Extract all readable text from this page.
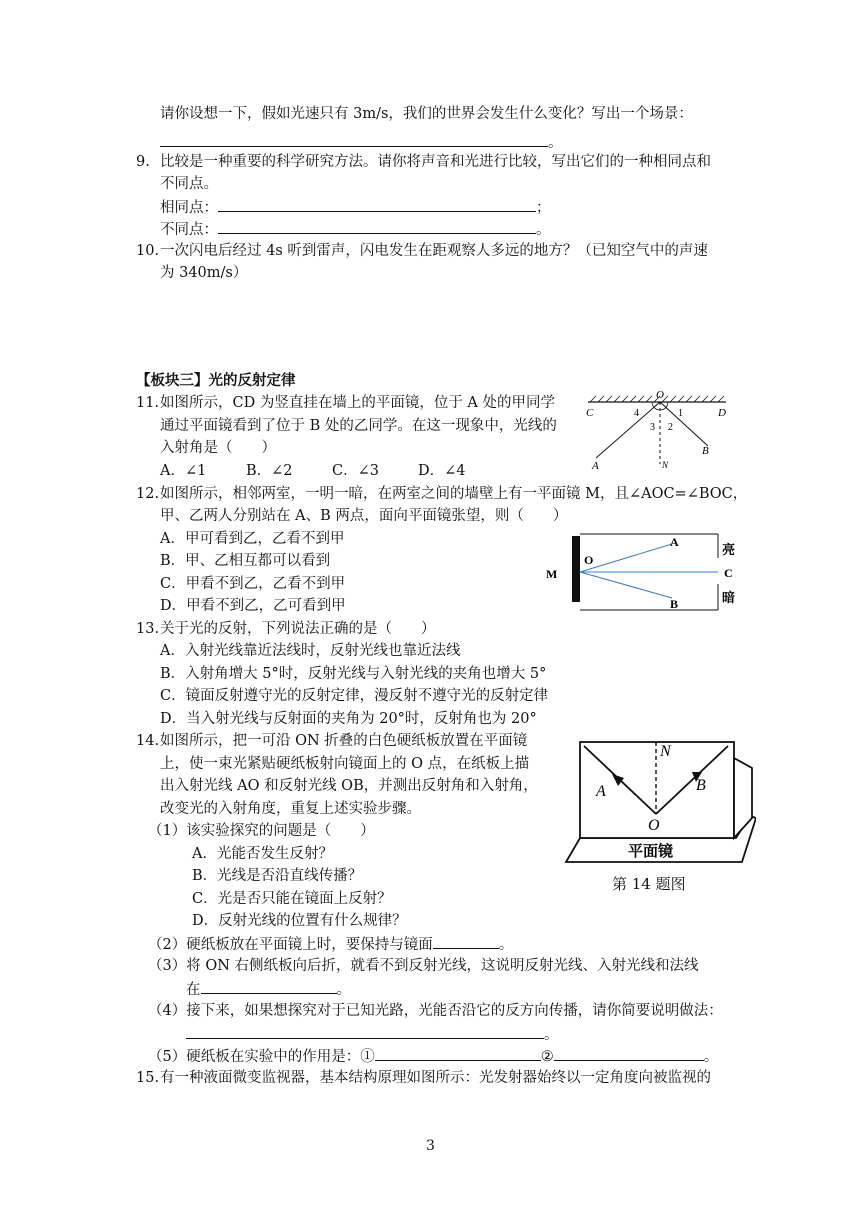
请你设想一下，假如光速只有 3m/s，我们的世界会发生什么变化？写出一个场景：
。
9. 比较是一种重要的科学研究方法。请你将声音和光进行比较，写出它们的一种相同点和
不同点。
相同点：	；
不同点：	。
10. 一次闪电后经过 4s 听到雷声，闪电发生在距观察人多远的地方？（已知空气中的声速
为 340m/s）
【板块三】光的反射定律
11. 如图所示，CD 为竖直挂在墙上的平面镜，位于 A 处的甲同学
通过平面镜看到了位于 B 处的乙同学。在这一现象中，光线的
入射角是（　　）
A．∠1	B．∠2	C．∠3	D．∠4
C	D
O
4	1
3 2
A
B
N
12. 如图所示，相邻两室，一明一暗，在两室之间的墙壁上有一平面镜 M，且∠AOC=∠BOC，
甲、乙两人分别站在 A、B 两点，面向平面镜张望，则（　　）
A．甲可看到乙，乙看不到甲
B．甲、乙相互都可以看到
C．甲看不到乙，乙看不到甲
D．甲看不到乙，乙可看到甲
O
M
A
B
亮
C
暗
13. 关于光的反射，下列说法正确的是（　　）
A．入射光线靠近法线时，反射光线也靠近法线
B．入射角增大 5°时，反射光线与入射光线的夹角也增大 5°
C．镜面反射遵守光的反射定律，漫反射不遵守光的反射定律
D．当入射光线与反射面的夹角为 20°时，反射角也为 20°
14. 如图所示，把一可沿 ON 折叠的白色硬纸板放置在平面镜
上，使一束光紧贴硬纸板射向镜面上的 O 点，在纸板上描
出入射光线 AO 和反射光线 OB，并测出反射角和入射角，
改变光的入射角度，重复上述实验步骤。
（1）该实验探究的问题是（　　）
A．光能否发生反射？
B．光线是否沿直线传播？
C．光是否只能在镜面上反射？
D．反射光线的位置有什么规律？
（2）硬纸板放在平面镜上时，要保持与镜面	。
（3）将 ON 右侧纸板向后折，就看不到反射光线，这说明反射光线、入射光线和法线
在	。
（4）接下来，如果想探究对于已知光路，光能否沿它的反方向传播，请你简要说明做法：
。
（5）硬纸板在实验中的作用是：①	②	。
N
A	B
O
平面镜
第 14 题图
15. 有一种液面微变监视器，基本结构原理如图所示：光发射器始终以一定角度向被监视的
3
